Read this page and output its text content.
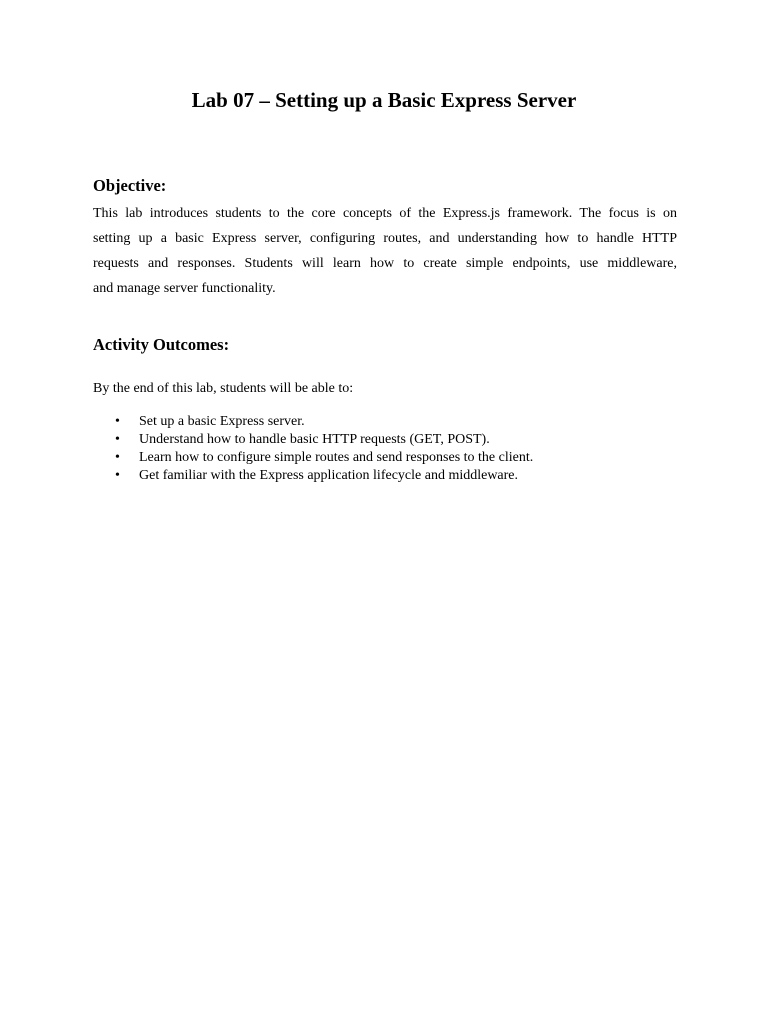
Lab 07 – Setting up a Basic Express Server
Objective:

This lab introduces students to the core concepts of the Express.js framework. The focus is on
setting up a basic Express server, configuring routes, and understanding how to handle HTTP
requests and responses. Students will learn how to create simple endpoints, use middleware,
and manage server functionality.

Activity Outcomes:

By the end of this lab, students will be able to:

• Set up a basic Express server.
• Understand how to handle basic HTTP requests (GET, POST).
• Learn how to configure simple routes and send responses to the client.
• Get familiar with the Express application lifecycle and middleware.
